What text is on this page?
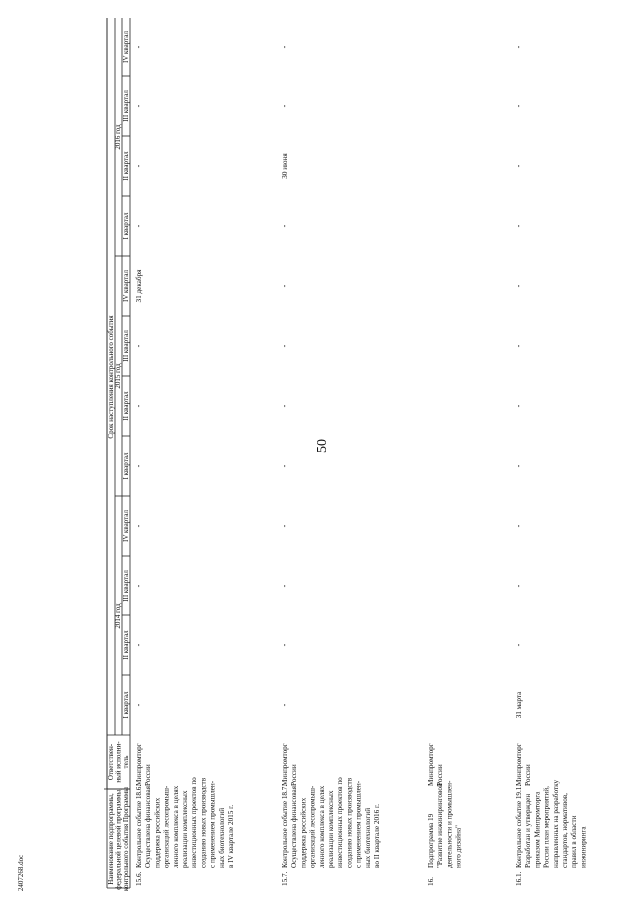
50
Наименование подпрограммы, федеральной целевой программы, контрольного события Программы
Ответствен- ный исполни- тель
Срок наступления контрольного события
2014 год
2015 год
2016 год
I квартал
II квартал
III квартал
IV квартал
I квартал
II квартал
III квартал
IV квартал
I квартал
II квартал
III квартал
IV квартал
15.6.
Контрольное событие 18.6. Осуществлена финансовая поддержка российских организаций лесопромыш- ленного комплекса в целях реализации комплексных инвестиционных проектов по созданию новых производств с применением промышлен- ных биотехнологий в IV квартале 2015 г.
Минпромторг России
-
-
-
-
-
-
-
31 декабря
-
-
-
-
15.7.
Контрольное событие 18.7. Осуществлена финансовая поддержка российских организаций лесопромыш- ленного комплекса в целях реализации комплексных инвестиционных проектов по созданию новых производств с применением промышлен- ных биотехнологий во II квартале 2016 г.
Минпромторг России
-
-
-
-
-
-
-
-
-
30 июня
-
-
16.
Подпрограмма 19 "Развитие инжиниринговой деятельности и промышлен- ного дизайна"
Минпромторг России
16.1.
Контрольное событие 19.1. Разработан и утвержден приказом Минпромторга России план мероприятий, направленных на разработку стандартов, нормативов, правил в области инжиниринга
Минпромторг России
31 марта
-
-
-
-
-
-
-
-
-
-
-
2407268.doc
